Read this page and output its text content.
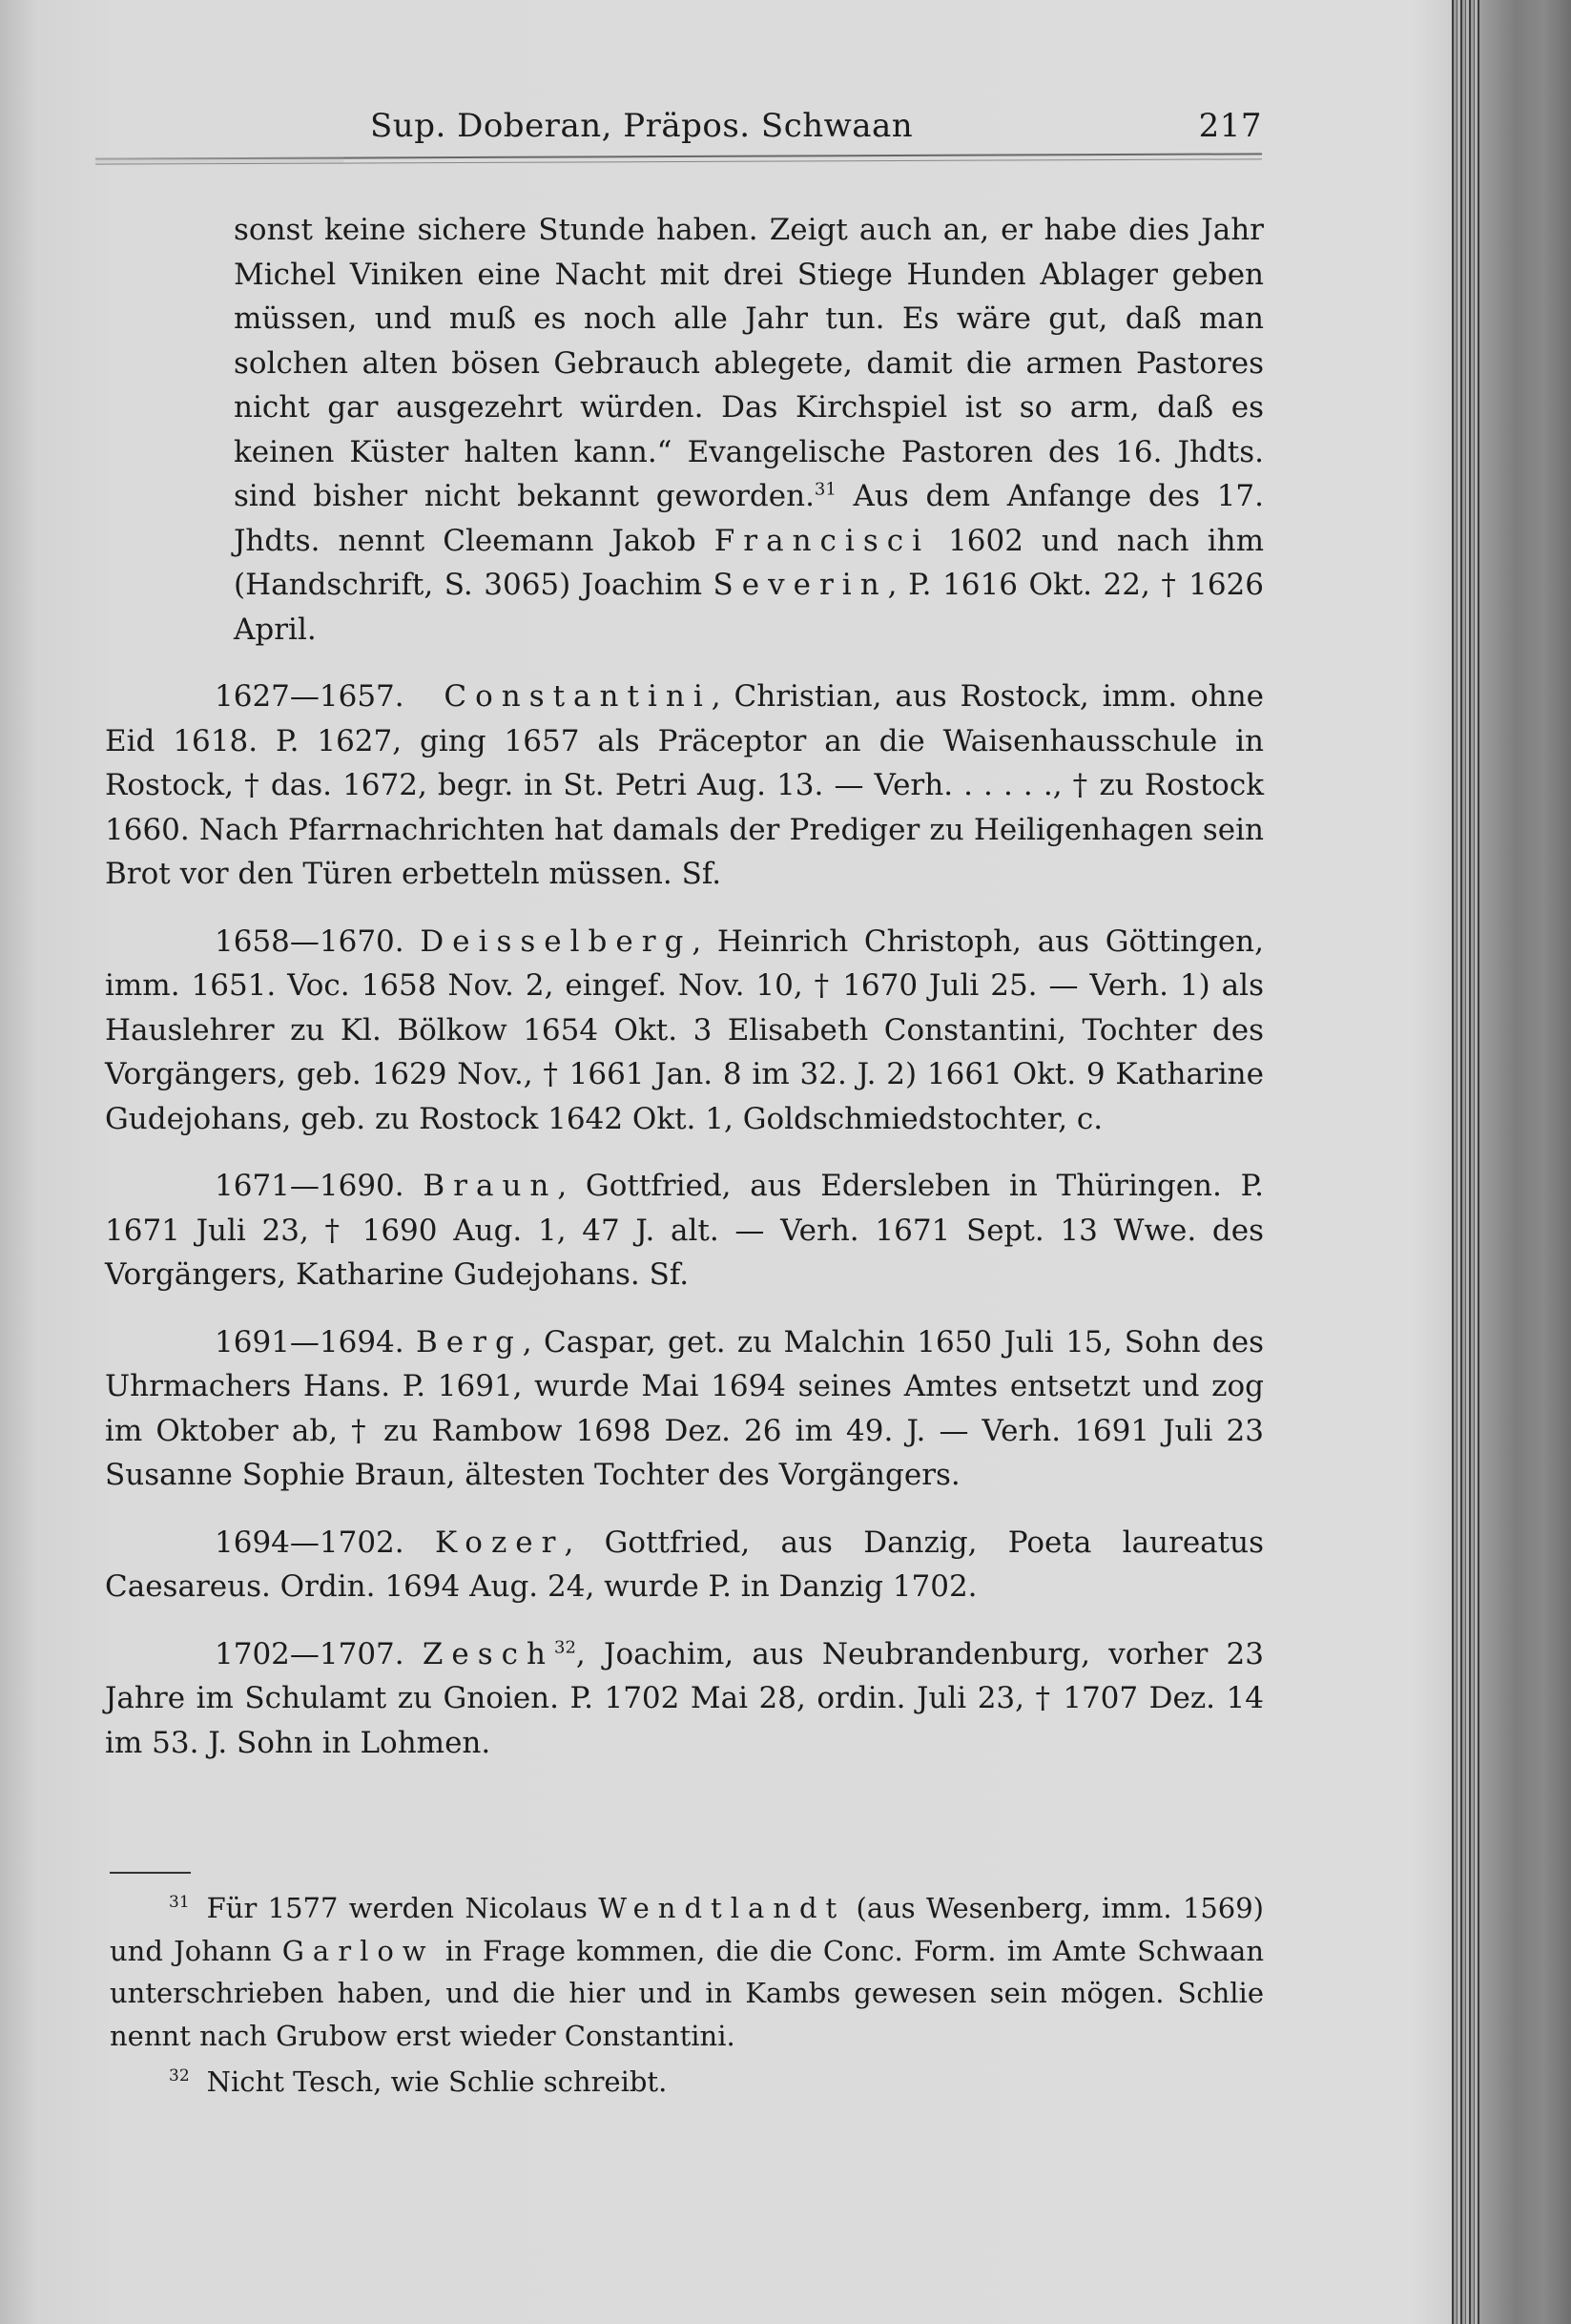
Sup. Doberan, Präpos. Schwaan	217

sonst keine sichere Stunde haben. Zeigt auch an, er habe dies Jahr Michel Viniken eine Nacht mit drei Stiege Hunden Ablager geben müssen, und muß es noch alle Jahr tun. Es wäre gut, daß man solchen alten bösen Gebrauch ablegete, damit die armen Pastores nicht gar ausgezehrt würden. Das Kirchspiel ist so arm, daß es keinen Küster halten kann.“ Evangelische Pastoren des 16. Jhdts. sind bisher nicht bekannt geworden.$^{31}$ Aus dem Anfange des 17. Jhdts. nennt Cleemann Jakob Francisci 1602 und nach ihm (Handschrift, S. 3065) Joachim Severin, P. 1616 Okt. 22, † 1626 April.

1627—1657. Constantini, Christian, aus Rostock, imm. ohne Eid 1618. P. 1627, ging 1657 als Präceptor an die Waisenhausschule in Rostock, † das. 1672, begr. in St. Petri Aug. 13. — Verh. . . . . ., † zu Rostock 1660. Nach Pfarrnachrichten hat damals der Prediger zu Heiligenhagen sein Brot vor den Türen erbetteln müssen. Sf.

1658—1670. Deisselberg, Heinrich Christoph, aus Göttingen, imm. 1651. Voc. 1658 Nov. 2, eingef. Nov. 10, † 1670 Juli 25. — Verh. 1) als Hauslehrer zu Kl. Bölkow 1654 Okt. 3 Elisabeth Constantini, Tochter des Vorgängers, geb. 1629 Nov., † 1661 Jan. 8 im 32. J. 2) 1661 Okt. 9 Katharine Gudejohans, geb. zu Rostock 1642 Okt. 1, Goldschmiedstochter, c.

1671—1690. Braun, Gottfried, aus Edersleben in Thüringen. P. 1671 Juli 23, † 1690 Aug. 1, 47 J. alt. — Verh. 1671 Sept. 13 Wwe. des Vorgängers, Katharine Gudejohans. Sf.

1691—1694. Berg, Caspar, get. zu Malchin 1650 Juli 15, Sohn des Uhrmachers Hans. P. 1691, wurde Mai 1694 seines Amtes entsetzt und zog im Oktober ab, † zu Rambow 1698 Dez. 26 im 49. J. — Verh. 1691 Juli 23 Susanne Sophie Braun, ältesten Tochter des Vorgängers.

1694—1702. Kozer, Gottfried, aus Danzig, Poeta laureatus Caesareus. Ordin. 1694 Aug. 24, wurde P. in Danzig 1702.

1702—1707. Zesch$^{32}$, Joachim, aus Neubrandenburg, vorher 23 Jahre im Schulamt zu Gnoien. P. 1702 Mai 28, ordin. Juli 23, † 1707 Dez. 14 im 53. J. Sohn in Lohmen.

$^{31}$ Für 1577 werden Nicolaus Wendtlandt (aus Wesenberg, imm. 1569) und Johann Garlow in Frage kommen, die die Conc. Form. im Amte Schwaan unterschrieben haben, und die hier und in Kambs gewesen sein mögen. Schlie nennt nach Grubow erst wieder Constantini.

$^{32}$ Nicht Tesch, wie Schlie schreibt.
